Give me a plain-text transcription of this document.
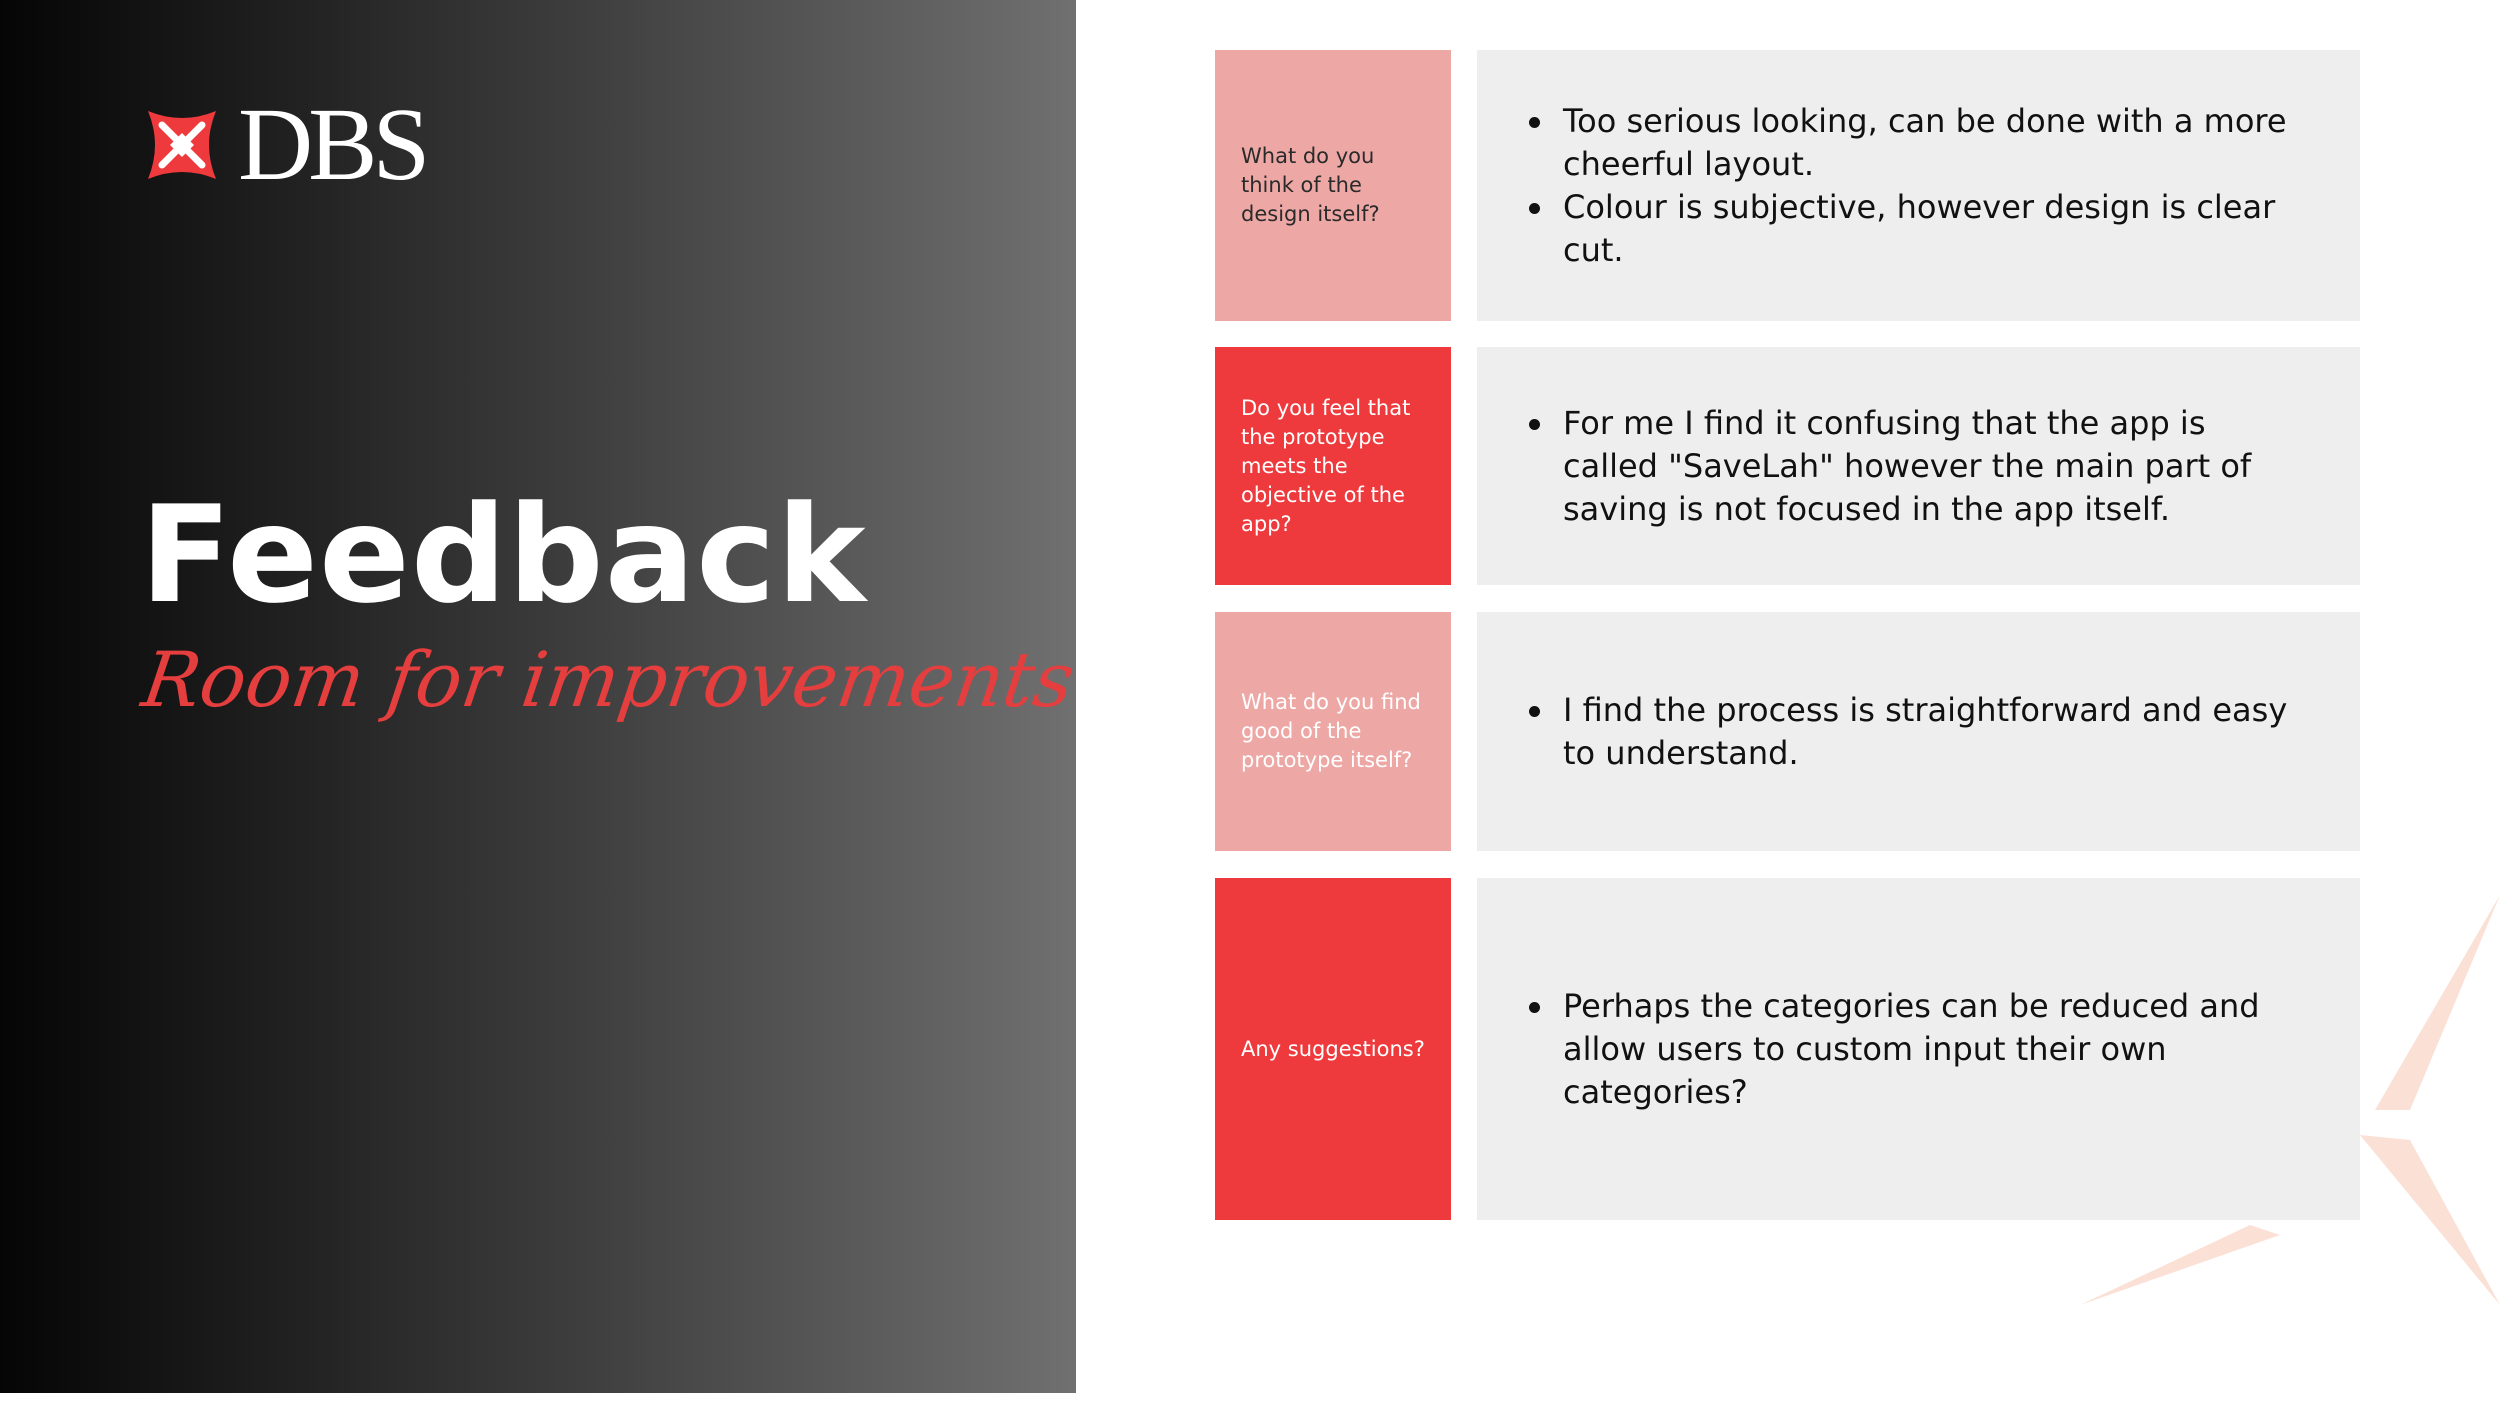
DBS
Feedback
Room for improvements
What do you think of the design itself?
Too serious looking, can be done with a more cheerful layout.
Colour is subjective, however design is clear cut.
Do you feel that the prototype meets the objective of the app?
For me I find it confusing that the app is called "SaveLah" however the main part of saving is not focused in the app itself.
What do you find good of the prototype itself?
I find the process is straightforward and easy to understand.
Any suggestions?
Perhaps the categories can be reduced and allow users to custom input their own categories?
